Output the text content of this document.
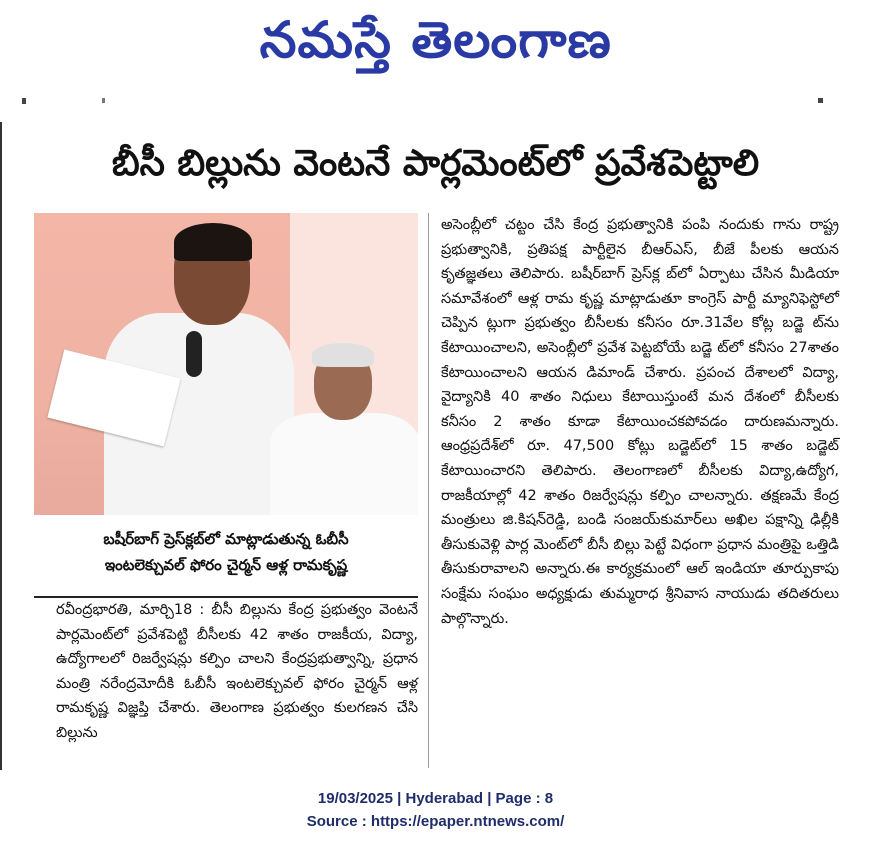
నమస్తే తెలంగాణ
బీసీ బిల్లును వెంటనే పార్లమెంట్‌లో ప్రవేశపెట్టాలి
బషీర్‌బాగ్ ప్రెస్‌క్లబ్‌లో మాట్లాడుతున్న ఓబీసీ
ఇంటలెక్చువల్ ఫోరం చైర్మన్ ఆళ్ల రామకృష్ణ
రవీంద్రభారతి, మార్చి18 : బీసీ బిల్లును కేంద్ర ప్రభుత్వం వెంటనే పార్లమెంట్‌లో ప్రవేశపెట్టి బీసీలకు 42 శాతం రాజకీయ, విద్యా, ఉద్యోగాలలో రిజర్వేషన్లు కల్పిం చాలని కేంద్రప్రభుత్వాన్ని, ప్రధాన మంత్రి నరేంద్రమోదీకి ఓబీసీ ఇంటలెక్చువల్ ఫోరం చైర్మన్ ఆళ్ల రామకృష్ణ విజ్ఞప్తి చేశారు. తెలంగాణ ప్రభుత్వం కులగణన చేసి బిల్లును
అసెంబ్లీలో చట్టం చేసి కేంద్ర ప్రభుత్వానికి పంపి నందుకు గాను రాష్ట్ర ప్రభుత్వానికి, ప్రతిపక్ష పార్టీలైన బీఆర్‌ఎస్, బీజే పీలకు ఆయన కృతజ్ఞతలు తెలిపారు. బషీర్‌బాగ్ ప్రెస్‌క్ల బ్‌లో ఏర్పాటు చేసిన మీడియా సమావేశంలో ఆళ్ల రామ కృష్ణ మాట్లాడుతూ కాంగ్రెస్ పార్టీ మ్యానిఫెస్టోలో చెప్పిన ట్లుగా ప్రభుత్వం బీసీలకు కనీసం రూ.31వేల కోట్ల బడ్జె ట్‌ను కేటాయించాలని, అసెంబ్లీలో ప్రవేశ పెట్టబోయే బడ్జె ట్‌లో కనీసం 27శాతం కేటాయించాలని ఆయన డిమాండ్ చేశారు. ప్రపంచ దేశాలలో విద్యా, వైద్యానికి 40 శాతం నిధులు కేటాయిస్తుంటే మన దేశంలో బీసీలకు కనీసం 2 శాతం కూడా కేటాయించకపోవడం దారుణమన్నారు. ఆంధ్రప్రదేశ్‌లో రూ. 47,500 కోట్లు బడ్జెట్‌లో 15 శాతం బడ్జెట్ కేటాయించారని తెలిపారు. తెలంగాణలో బీసీలకు విద్యా,ఉద్యోగ, రాజకీయాల్లో 42 శాతం రిజర్వేషన్లు కల్పిం చాలన్నారు. తక్షణమే కేంద్ర మంత్రులు జి.కిషన్‌రెడ్డి, బండి సంజయ్‌కుమార్‌లు అఖిల పక్షాన్ని ఢిల్లీకి తీసుకువెళ్లి పార్ల మెంట్‌లో బీసీ బిల్లు పెట్టే విధంగా ప్రధాన మంత్రిపై ఒత్తిడి తీసుకురావాలని అన్నారు.ఈ కార్యక్రమంలో ఆల్ ఇండియా తూర్పుకాపు సంక్షేమ సంఘం అధ్యక్షుడు తుమ్మరాధ శ్రీనివాస నాయుడు తదితరులు పాల్గొన్నారు.
19/03/2025 | Hyderabad | Page : 8
Source : https://epaper.ntnews.com/
